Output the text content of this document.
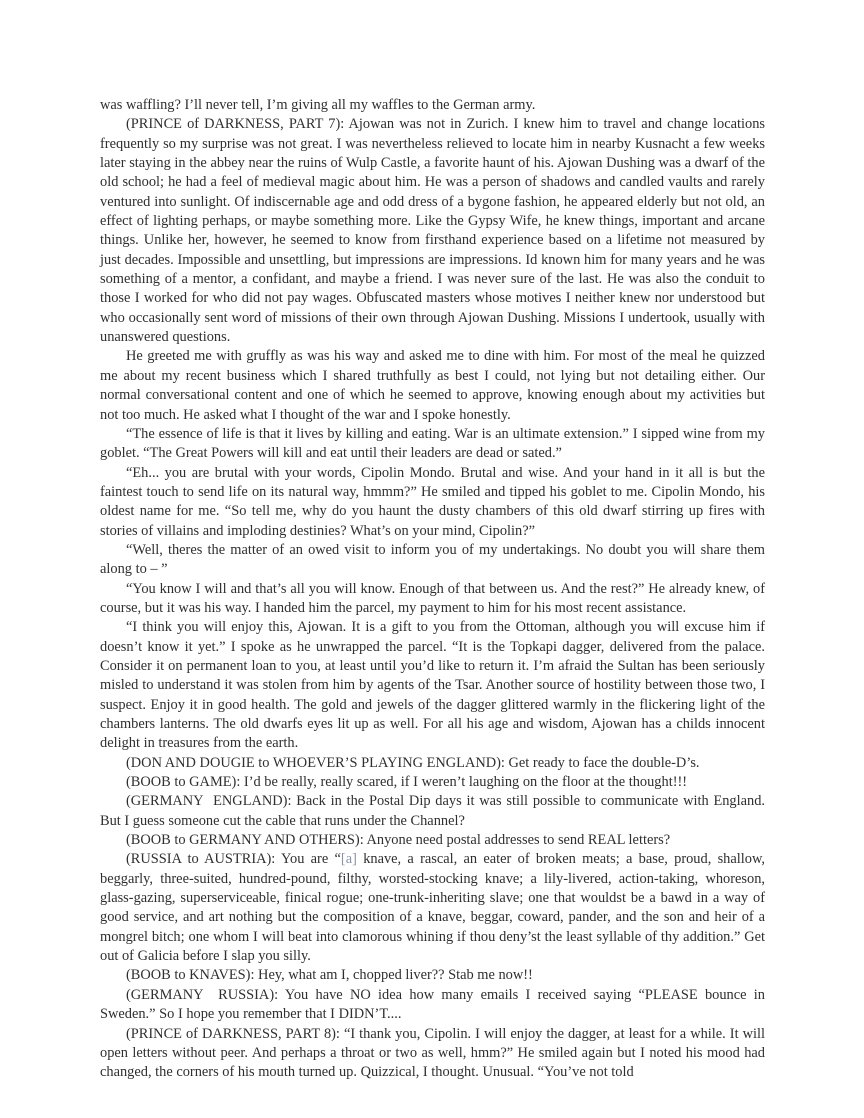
was waffling? I’ll never tell, I’m giving all my waffles to the German army.

(PRINCE of DARKNESS, PART 7): Ajowan was not in Zurich. I knew him to travel and change locations frequently so my surprise was not great. I was nevertheless relieved to locate him in nearby Kusnacht a few weeks later staying in the abbey near the ruins of Wulp Castle, a favorite haunt of his. Ajowan Dushing was a dwarf of the old school; he had a feel of medieval magic about him. He was a person of shadows and candled vaults and rarely ventured into sunlight. Of indiscernable age and odd dress of a bygone fashion, he appeared elderly but not old, an effect of lighting perhaps, or maybe something more. Like the Gypsy Wife, he knew things, important and arcane things. Unlike her, however, he seemed to know from firsthand experience based on a lifetime not measured by just decades. Impossible and unsettling, but impressions are impressions. Id known him for many years and he was something of a mentor, a confidant, and maybe a friend. I was never sure of the last. He was also the conduit to those I worked for who did not pay wages. Obfuscated masters whose motives I neither knew nor understood but who occasionally sent word of missions of their own through Ajowan Dushing. Missions I undertook, usually with unanswered questions.

He greeted me with gruffly as was his way and asked me to dine with him. For most of the meal he quizzed me about my recent business which I shared truthfully as best I could, not lying but not detailing either. Our normal conversational content and one of which he seemed to approve, knowing enough about my activities but not too much. He asked what I thought of the war and I spoke honestly.

“The essence of life is that it lives by killing and eating. War is an ultimate extension.” I sipped wine from my goblet. “The Great Powers will kill and eat until their leaders are dead or sated.”

“Eh... you are brutal with your words, Cipolin Mondo. Brutal and wise. And your hand in it all is but the faintest touch to send life on its natural way, hmmm?” He smiled and tipped his goblet to me. Cipolin Mondo, his oldest name for me. “So tell me, why do you haunt the dusty chambers of this old dwarf stirring up fires with stories of villains and imploding destinies? What’s on your mind, Cipolin?”

“Well, theres the matter of an owed visit to inform you of my undertakings. No doubt you will share them along to – ”

“You know I will and that’s all you will know. Enough of that between us. And the rest?” He already knew, of course, but it was his way. I handed him the parcel, my payment to him for his most recent assistance.

“I think you will enjoy this, Ajowan. It is a gift to you from the Ottoman, although you will excuse him if doesn’t know it yet.” I spoke as he unwrapped the parcel. “It is the Topkapi dagger, delivered from the palace. Consider it on permanent loan to you, at least until you’d like to return it. I’m afraid the Sultan has been seriously misled to understand it was stolen from him by agents of the Tsar. Another source of hostility between those two, I suspect. Enjoy it in good health. The gold and jewels of the dagger glittered warmly in the flickering light of the chambers lanterns. The old dwarfs eyes lit up as well. For all his age and wisdom, Ajowan has a childs innocent delight in treasures from the earth.

(DON AND DOUGIE to WHOEVER’S PLAYING ENGLAND): Get ready to face the double-D’s.

(BOOB to GAME): I’d be really, really scared, if I weren’t laughing on the floor at the thought!!!

(GERMANY  ENGLAND): Back in the Postal Dip days it was still possible to communicate with England. But I guess someone cut the cable that runs under the Channel?

(BOOB to GERMANY AND OTHERS): Anyone need postal addresses to send REAL letters?

(RUSSIA to AUSTRIA): You are “[a] knave, a rascal, an eater of broken meats; a base, proud, shallow, beggarly, three-suited, hundred-pound, filthy, worsted-stocking knave; a lily-livered, action-taking, whoreson, glass-gazing, superserviceable, finical rogue; one-trunk-inheriting slave; one that wouldst be a bawd in a way of good service, and art nothing but the composition of a knave, beggar, coward, pander, and the son and heir of a mongrel bitch; one whom I will beat into clamorous whining if thou deny’st the least syllable of thy addition.” Get out of Galicia before I slap you silly.

(BOOB to KNAVES): Hey, what am I, chopped liver?? Stab me now!!

(GERMANY  RUSSIA): You have NO idea how many emails I received saying “PLEASE bounce in Sweden.” So I hope you remember that I DIDN’T....

(PRINCE of DARKNESS, PART 8): “I thank you, Cipolin. I will enjoy the dagger, at least for a while. It will open letters without peer. And perhaps a throat or two as well, hmm?” He smiled again but I noted his mood had changed, the corners of his mouth turned up. Quizzical, I thought. Unusual. “You’ve not told
